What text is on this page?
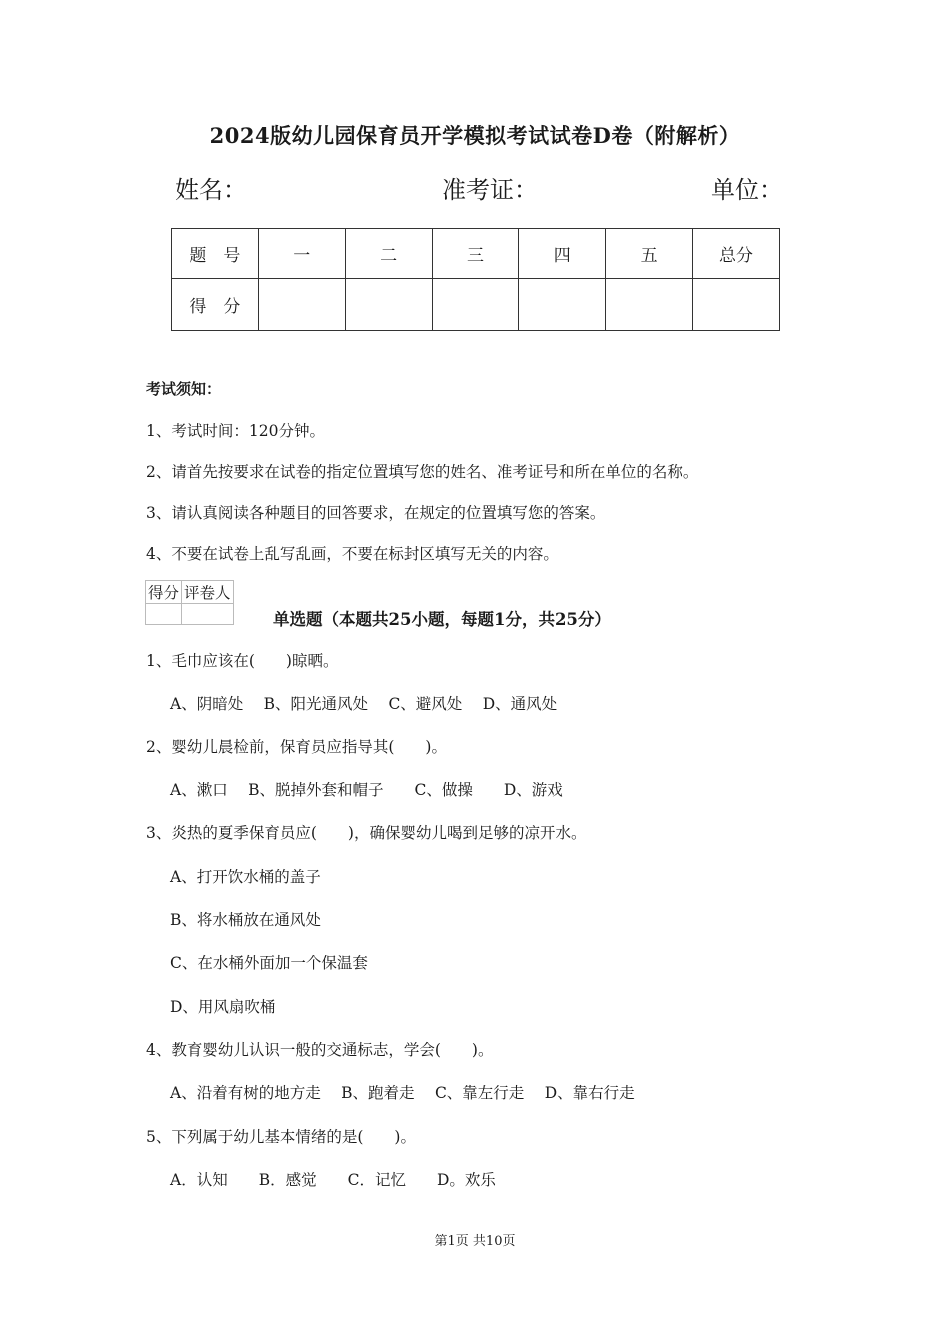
2024版幼儿园保育员开学模拟考试试卷D卷（附解析）
姓名：	准考证：	单位：
题　号	一	二	三	四	五	总分
得　分						
考试须知：
1、考试时间：120分钟。
2、请首先按要求在试卷的指定位置填写您的姓名、准考证号和所在单位的名称。
3、请认真阅读各种题目的回答要求，在规定的位置填写您的答案。
4、不要在试卷上乱写乱画，不要在标封区填写无关的内容。
得分	评卷人

单选题（本题共25小题，每题1分，共25分）
1、毛巾应该在(　　)晾晒。
A、阴暗处　 B、阳光通风处　 C、避风处　 D、通风处
2、婴幼儿晨检前，保育员应指导其(　　)。
A、漱口　 B、脱掉外套和帽子　　C、做操　　D、游戏
3、炎热的夏季保育员应(　　)，确保婴幼儿喝到足够的凉开水。
A、打开饮水桶的盖子
B、将水桶放在通风处
C、在水桶外面加一个保温套
D、用风扇吹桶
4、教育婴幼儿认识一般的交通标志，学会(　　)。
A、沿着有树的地方走　 B、跑着走　 C、靠左行走　 D、靠右行走
5、下列属于幼儿基本情绪的是(　　)。
A．认知　　B．感觉　　C．记忆　　D。欢乐
第1页 共10页
